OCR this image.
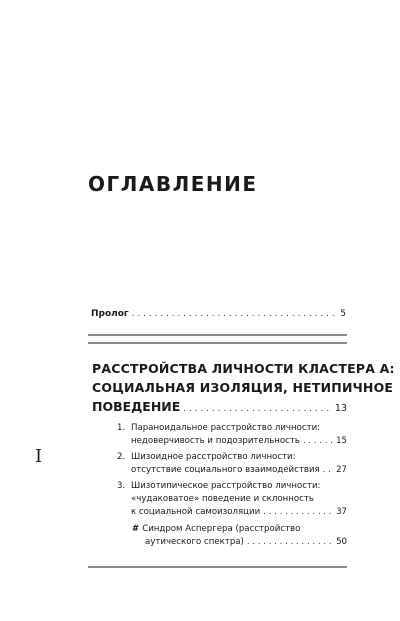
ОГЛАВЛЕНИЕ
Пролог . . .	5
РАССТРОЙСТВА ЛИЧНОСТИ КЛАСТЕРА А:
СОЦИАЛЬНАЯ ИЗОЛЯЦИЯ, НЕТИПИЧНОЕ
ПОВЕДЕНИЕ . . .	13
I
1. Параноидальное расстройство личности:
недоверчивость и подозрительность . . .	15
2. Шизоидное расстройство личности:
отсутствие социального взаимодействия . . . 27
3. Шизотипическое расстройство личности:
«чудаковатое» поведение и склонность
к социальной самоизоляции . . .	37
# Синдром Аспергера (расстройство
аутического спектра) . . .	50
